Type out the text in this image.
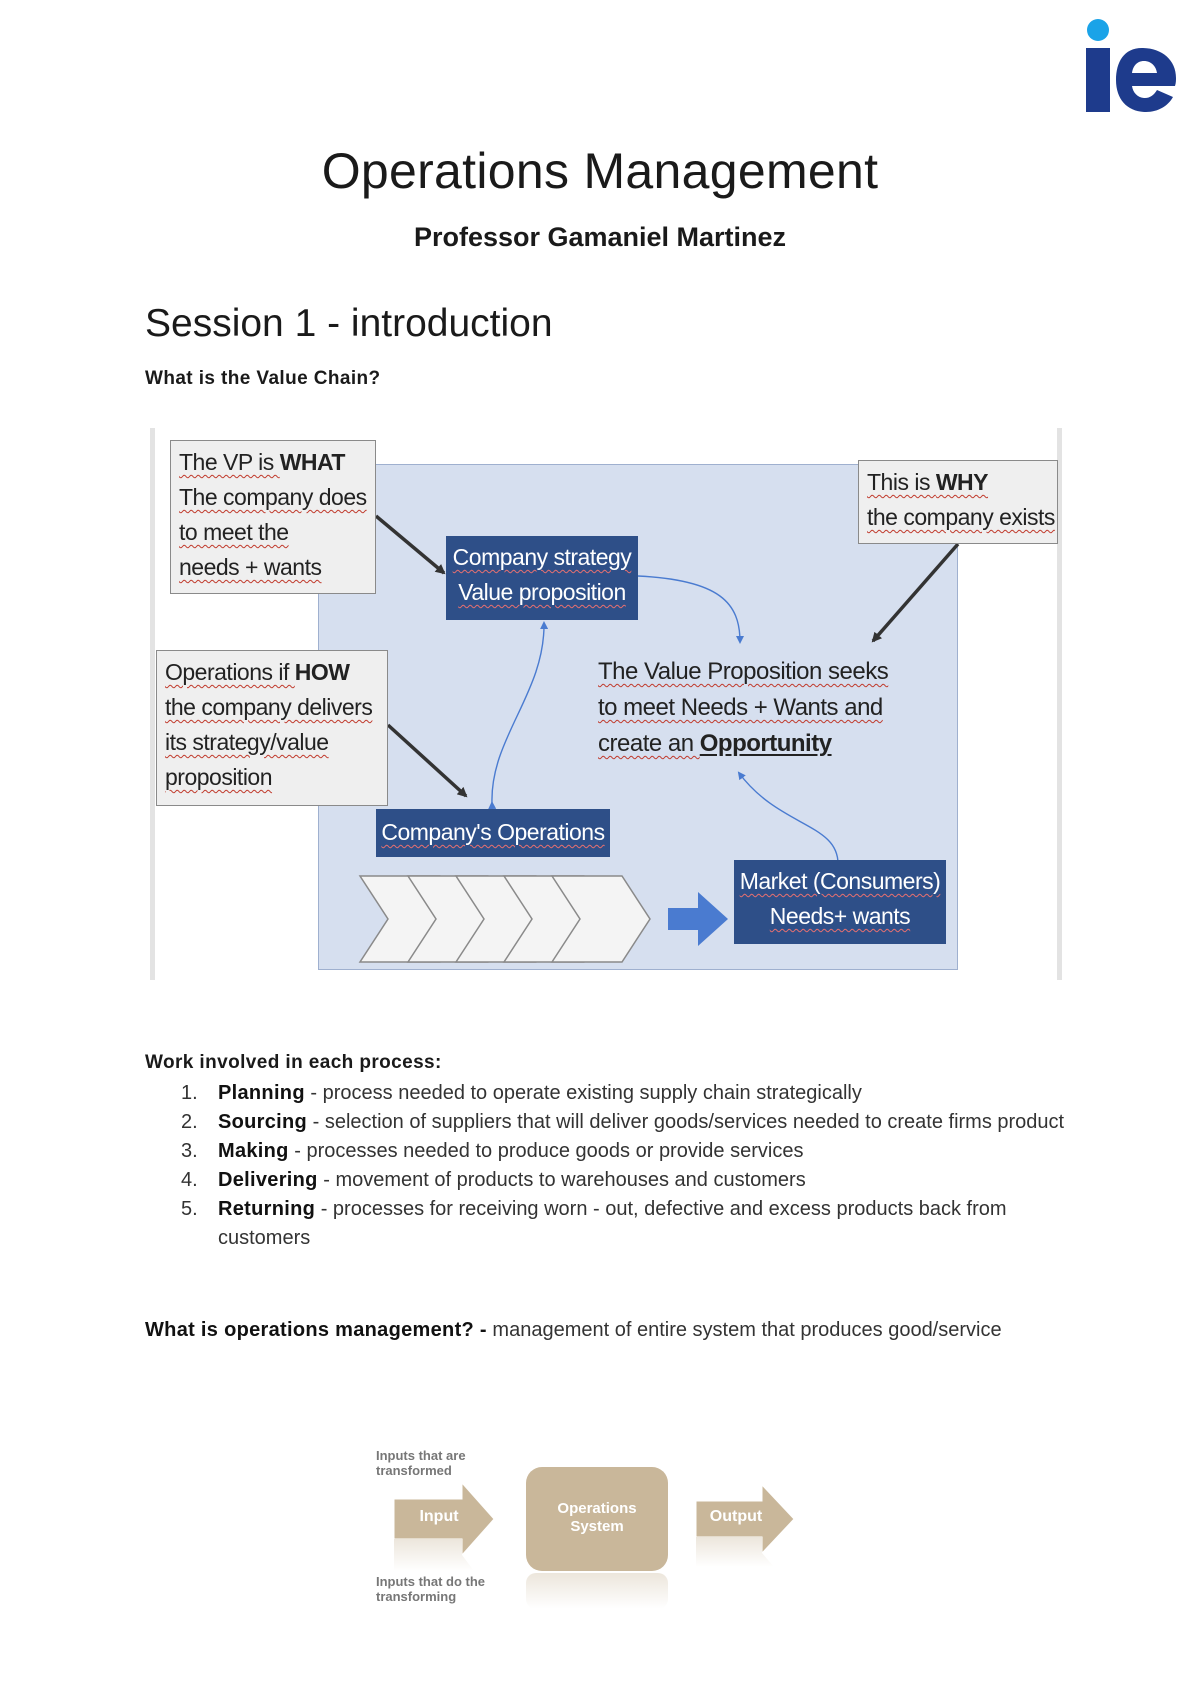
Operations Management
Professor Gamaniel Martinez
Session 1 - introduction
What is the Value Chain?
The VP is WHAT
The company does
to meet the
needs + wants
Operations if HOW
the company delivers
its strategy/value
proposition
This is WHY
the company exists
Company strategy
Value proposition
Company's Operations
Market (Consumers)
Needs+ wants
The Value Proposition seeks
to meet Needs + Wants and
create an Opportunity
Work involved in each process:
1. Planning - process needed to operate existing supply chain strategically
2. Sourcing - selection of suppliers that will deliver goods/services needed to create firms product
3. Making - processes needed to produce goods or provide services
4. Delivering - movement of products to warehouses and customers
5. Returning - processes for receiving worn - out, defective and excess products back from customers

What is operations management? - management of entire system that produces good/service

Inputs that are transformed
Input	Operations
System
Output
Inputs that do the transforming
